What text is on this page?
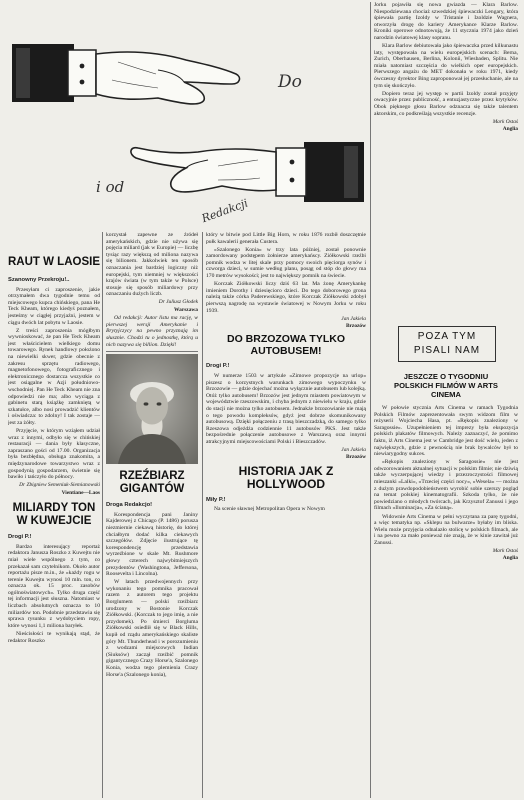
Do
i od
Redakcji
RAUT W LAOSIE
Szanowny Przekroju!..

Przesyłam ci zaproszenie, jakie otrzymałem dwa tygodnie temu od miejscowego kupca chińskiego, pana He Teck Kheam, którego kiedyś poznałem, jesteśmy w ciągłej przyjaźni, jestem w ciągu dwóch lat pobytu w Laosie.

Z treści zaproszenia mógłbym wywnioskować, że pan He Teck Kheam jest właścicielem wielkiego domu towarowego. Rynek handlowy położono na niewielki skwer, gdzie obecnie z zakresu sprzętu radiowego, magnetofonowego, fotograficznego i elektronicznego dostarcza wszystkie co jest osiągalne w Azji południowo-wschodniej. Pan He Teck Kheam nie zna odpowiedzi nie ma; albo wyciąga z gabinetu starą książkę zamkniętą w szkatułce, albo nosi prowadzić klientów i oświadcza: to zdolny! I tak zostaje — jest za żółty.

Przyjęcie, w którym wziąłem udział wraz z innymi, odbyło się w chińskiej restauracji — dania były klasyczne, zapraszano gości od 17.00. Organizacja była bezbłędna, obsługa znakomita, a międzynarodowe towarzystwo wraz z gospodynią gospodarzem, świetnie się bawiło i tańczyło do północy.

Dr Zbigniew Semeniuk-Siemianowski
Vientiane—Laos
MILIARDY TON W KUWEJCIE
Drogi P.!

Bardzo interesujący reportaż redaktora Janusza Roszko z Kuwejtu nie miał wiele wspólnego z tym, co przekazał sam czytelnikom. Około autor reportażu pisze m.in., że »każdy rogu w terenie Kuwejtu wynosi 10 mln. ton, co oznacza ok. 15 proc. zasobów ogólnoświatowych«. Tylko druga część tej informacji jest słuszna. Natomiast w liczbach absolutnych oznacza to 10 miliardów ton. Podobnie przedstawia się sprawa rysunku z wydobyciem ropy, które wynosi 1,1 miliona baryłek.

Nieścisłości te wynikają stąd, że redaktor Roszko

korzystał zapewne ze źródeł amerykańskich, gdzie nie używa się pojęcia miliard (jak w Europie) — liczbę tysiąc razy większą od miliona nazywa się bilionem. Jakkolwiek ten sposób oznaczania jest bardziej logiczny niż europejski, tym niemniej w większości krajów świata (w tym także w Polsce) stosuje się sposób miliardowy przy oznaczaniu dużych liczb.

Dr Juliusz Głodek
Warszawa

Od redakcji: Autor listu ma rację, w pierwszej wersji Amerykanie i Brytyjczycy na pewno przyznają im słusznie. Chodzi tu o jednostkę, którą u nich nazywa się billion. Dzięki!

RZEŹBIARZ GIGANTÓW
Droga Redakcjo!

Korespondencja pani Janiny Kajderowej z Chicago (P. 1486) porusza niezmiernie ciekawą historię, do której chciałbym dodać kilka ciekawych szczegółów. Zdjęcie ilustrujące tę korespondencję przedstawia wyrzeźbione w skale Mt. Rushmore głowy czterech najwybitniejszych prezydentów (Washingtona, Jeffersona, Roosevelta i Lincolna).

W latach przedwojennych przy wykonaniu tego pomnika pracował razem z autorem tego projektu Borglumem — polski rzeźbiarz urodzony w Bostonie Korczak Ziółkowski. (Korczak to jego imię, a nie przydomek). Po śmierci Borgluma Ziółkowski osiedlił się w Black Hills, kupił od rządu amerykańskiego skaliste góry Mt. Thunderhead i w porozumieniu z wodzami miejscowych Indian (Siuksów) zaczął rzeźbić pomnik gigantycznego Crazy Horse'a, Szalonego Konia, wodza tego plemienia Crazy Horse'a (Szalonego konia),

który w bitwie pod Little Big Horn, w roku 1876 rozbił doszczętnie pułk kawalerii generała Custera.

»Szalonego Konia« w trzy lata później, został ponownie zamordowany podstępem żołnierze amerykańscy. Ziółkowski rzeźbi pomnik wodza w litej skale przy pomocy swoich pięciorga synów i czworga dzieci, w sumie według planu, posąg od stóp do głowy ma 170 metrów wysokości; jest to największy pomnik na świecie.

Korczak Ziółkowski liczy dziś 63 lat. Ma żonę Amerykankę imieniem Dorothy i dziesięcioro dzieci. Do tego doborowego grona należą także córka Paderewskiego, które Korczak Ziółkowski zdobył pierwszą nagrodę na wystawie światowej w Nowym Jorku w roku 1939.

Jan Jakiela
Brzozów
DO BRZOZOWA TYLKO AUTOBUSEM!
Drogi P.!

W numerze 1503 w artykule »Zimowe propozycje na urlop« piszesz o korzystnych warunkach zimowego wypoczynku w Brzozowie — gdzie dojechać można wyłącznie autobusem lub kolejką. Otóż tylko autobusem! Brzozów jest jednym miastem powiatowym w województwie rzeszowskim, i chyba jednym z niewielu w kraju, gdzie do stacji nie można tylko autobusem. Jednakże brzozowianie nie mają o tego powodu kompleksów, gdyż jest dobrze skomunikowany autobusową. Dzięki połączeniu z trasą bieszczadzką, do samego tylko Rzeszowa odjeżdża codziennie 11 autobusów PKS. Jest także bezpośrednie połączenie autobusowe z Warszawą oraz innymi atrakcyjnymi miejscowościami Polski i Bieszczadów.

Jan Jakiela
Brzozów
HISTORIA JAK Z HOLLYWOOD
Miły P.!

Na scenie sławnej Metropolitan Opera w Nowym

Jorku pojawiła się nowa gwiazda — Klara Barlow. Niespodziewana chociaż szwedzkiej śpiewaczki Lengary, która śpiewała partię Izoldy w Tristanie i Izoldzie Wagnera, otworzyła drogę do kariery Amerykance Klarze Barlow. Kroniki operowe odnotowują, że 11 stycznia 1974 jako dzień narodzin światowej klasy sopranu.

Klara Barlow debiutowała jako śpiewaczka przed kilkunastu laty, występowała na wielu europejskich scenach: Berna, Zurich, Oberhausen, Berlina, Kolonii, Wiesbaden, Splitu. Nie miała natomiast szczęścia do wielkich oper europejskich. Pierwszego angażu do MET dokonała w roku 1971, kiedy ówczesny dyrektor Bing zaproponował jej przesłuchanie, ale na tym się skończyło.

Dopiero teraz jej występ w partii Izoldy został przyjęty owacyjnie przez publiczność, a entuzjastyczne przez krytyków. Obok pięknego głosu Barlow odznacza się także talentem aktorskim, co podkreślają wszystkie recenzje.

Mark Ostaś
Anglia
POZA TYM
PISALI NAM
JESZCZE O TYGODNIU POLSKICH FILMÓW W ARTS CINEMA

W połowie stycznia Arts Cinema w ramach Tygodnia Polskich Filmów zaprezentowała swym widzom film w reżyserii Wojciecha Hasa, pt. »Rękopis znaleziony w Saragossie«. Uzupełnieniem tej imprezy była ekspozycja polskich plakatów filmowych. Należy zaznaczyć, że pomimo faktu, iż Arts Cinema jest w Cambridge jest dość wielu, jeden z największych, gdzie z pewnością nie brak bywalców był to niewiarygodny sukces.

»Rękopis znaleziony w Saragossie« nie jest odwzorowaniem aktualnej sytuacji w polskim filmie; nie dziwią także wyczerpującej wiedzy i przezroczystości filmowej mieszanki »Lalki«, »Trzeciej części nocy«, »Wesela« — można z dużym prawdopodobieństwem wyrobić sobie szerszy pogląd na temat polskiej kinematografii. Szkoda tylko, że nie powiedziano o młodych twórcach, jak Krzysztof Zanussi i jego filmach »Iluminacja«, »Za ścianą«.

Widownie Arts Cinema w pełni wyczytana za parę tygodni, a więc tematyka np. »Sklepu na bulwarze« byłaby im bliska. Wielu może przyjęcia odnalazło stolicę w polskich filmach, ale i na pewno za mało ponieważ nie znają, że w kinie zawitał już Zanussi.

Mark Ostaś
Anglia
